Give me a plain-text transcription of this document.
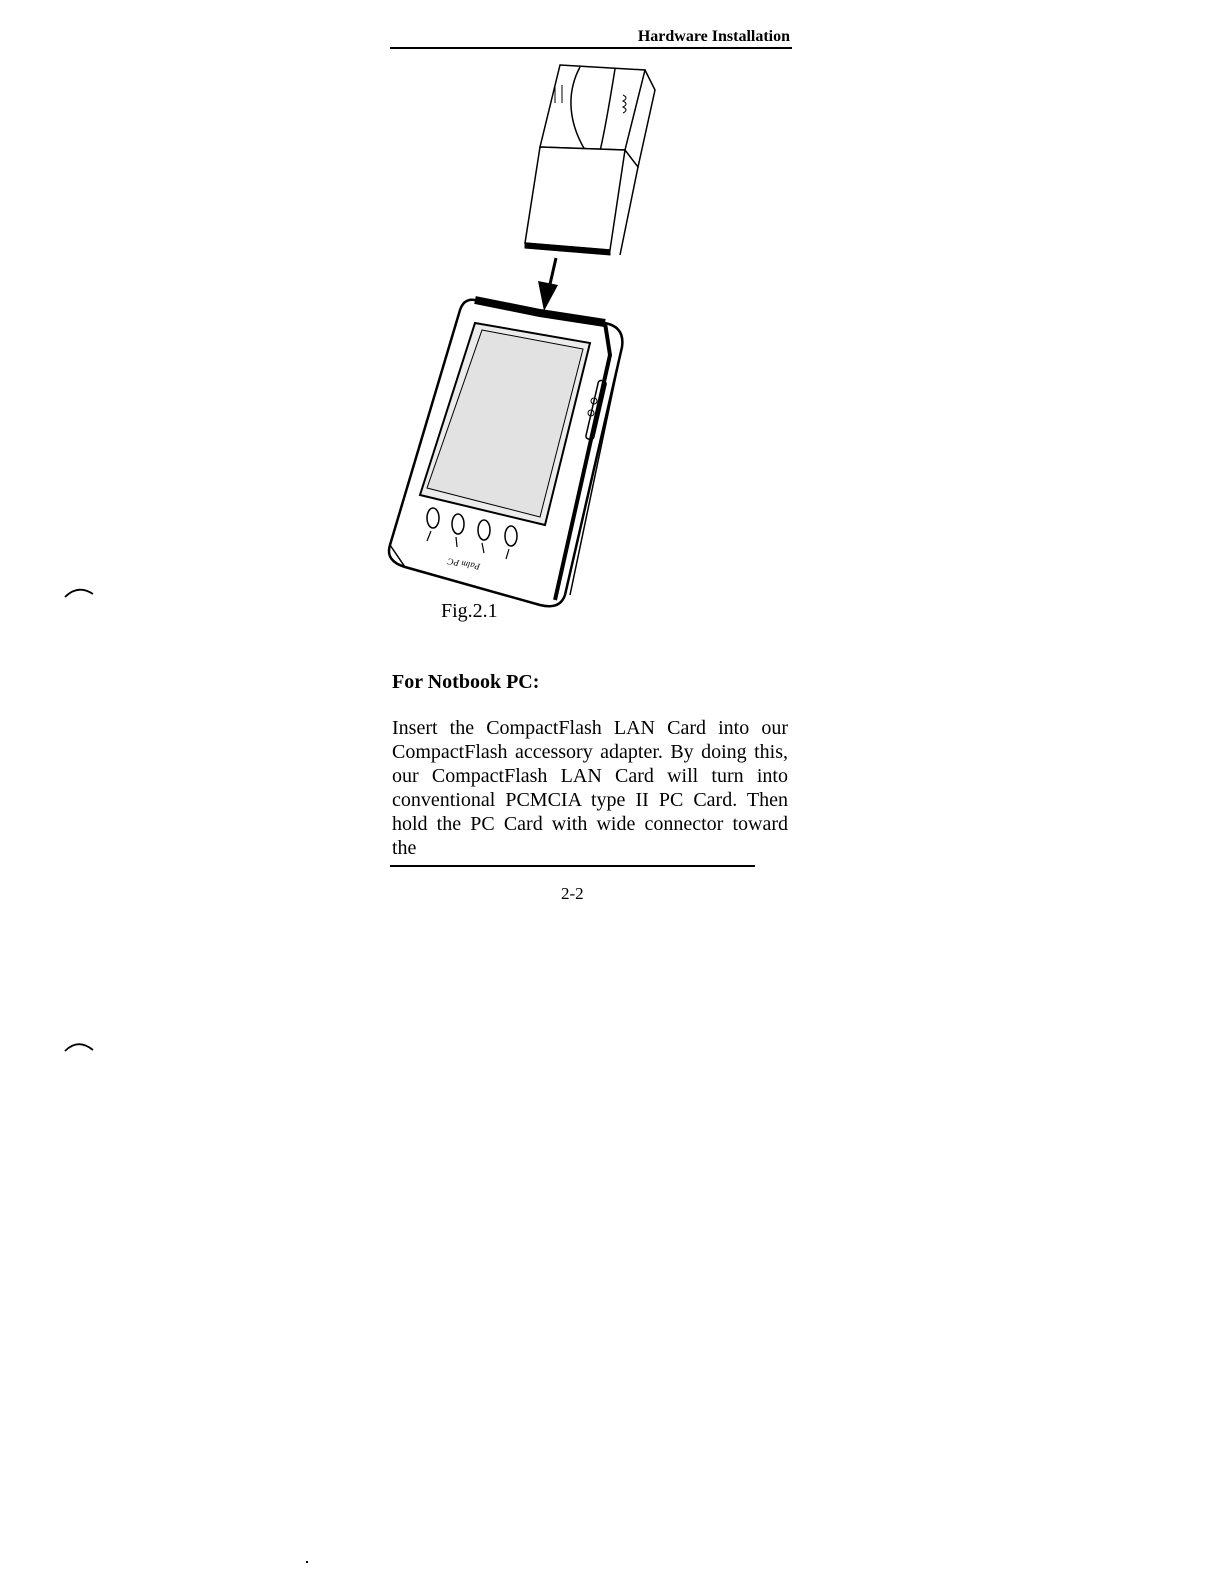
Hardware Installation
Palm PC
Fig.2.1
For Notbook PC:
Insert the CompactFlash LAN Card into our
CompactFlash accessory adapter. By doing this,
our CompactFlash LAN Card will turn into
conventional PCMCIA type II PC Card. Then
hold the PC Card with wide connector toward the
2-2
